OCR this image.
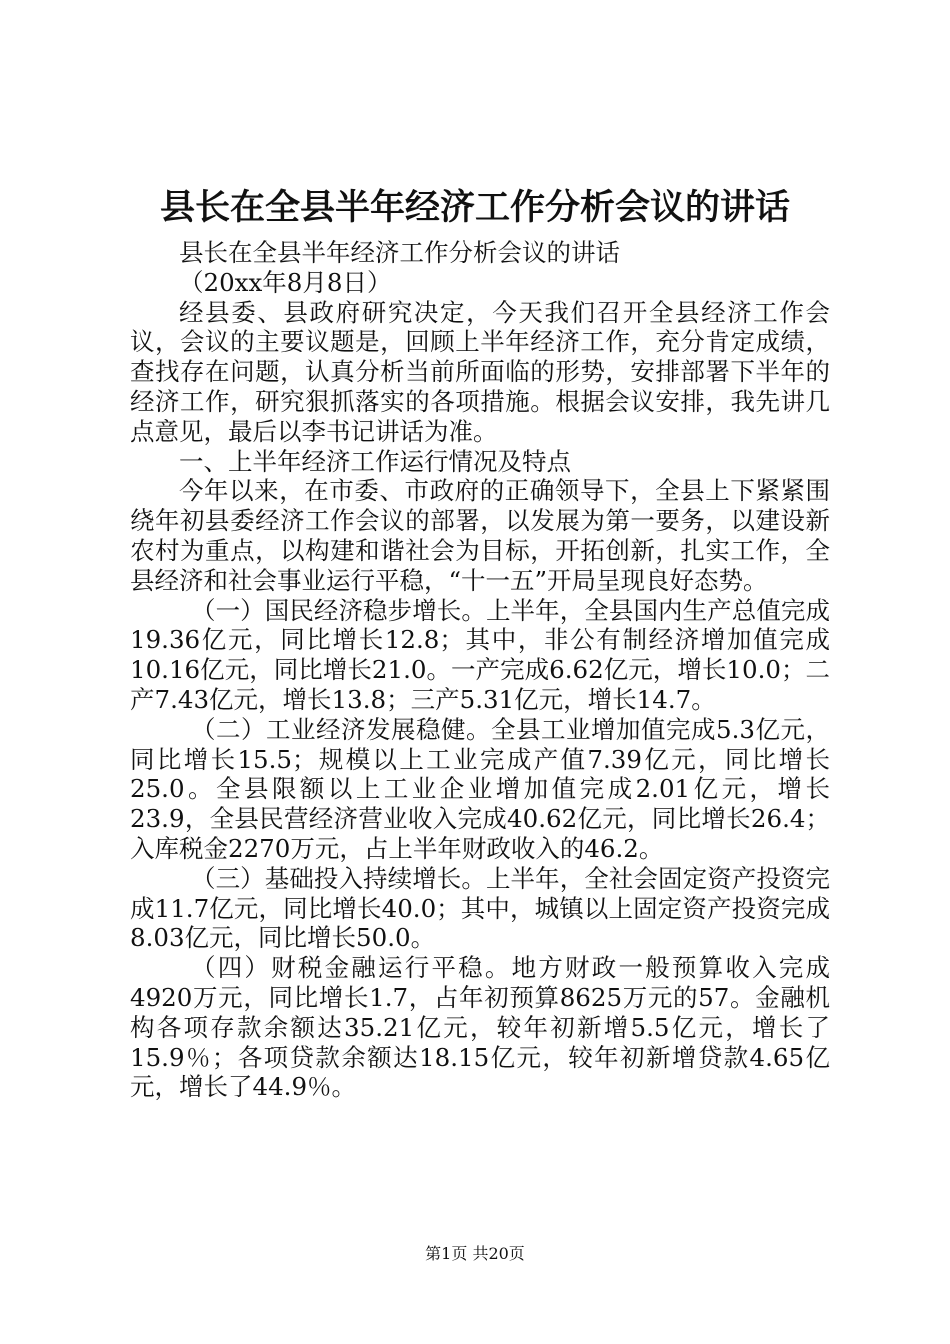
县长在全县半年经济工作分析会议的讲话

县长在全县半年经济工作分析会议的讲话

（20xx年8月8日）

经县委、县政府研究决定，今天我们召开全县经济工作会议，会议的主要议题是，回顾上半年经济工作，充分肯定成绩，查找存在问题，认真分析当前所面临的形势，安排部署下半年的经济工作，研究狠抓落实的各项措施。根据会议安排，我先讲几点意见，最后以李书记讲话为准。

一、上半年经济工作运行情况及特点

今年以来，在市委、市政府的正确领导下，全县上下紧紧围绕年初县委经济工作会议的部署，以发展为第一要务，以建设新农村为重点，以构建和谐社会为目标，开拓创新，扎实工作，全县经济和社会事业运行平稳，“十一五”开局呈现良好态势。

（一）国民经济稳步增长。上半年，全县国内生产总值完成19.36亿元，同比增长12.8；其中，非公有制经济增加值完成10.16亿元，同比增长21.0。一产完成6.62亿元，增长10.0；二产7.43亿元，增长13.8；三产5.31亿元，增长14.7。

（二）工业经济发展稳健。全县工业增加值完成5.3亿元，同比增长15.5；规模以上工业完成产值7.39亿元，同比增长25.0。全县限额以上工业企业增加值完成2.01亿元，增长23.9，全县民营经济营业收入完成40.62亿元，同比增长26.4；入库税金2270万元，占上半年财政收入的46.2。

（三）基础投入持续增长。上半年，全社会固定资产投资完成11.7亿元，同比增长40.0；其中，城镇以上固定资产投资完成8.03亿元，同比增长50.0。

（四）财税金融运行平稳。地方财政一般预算收入完成4920万元，同比增长1.7，占年初预算8625万元的57。金融机构各项存款余额达35.21亿元，较年初新增5.5亿元，增长了15.9％；各项贷款余额达18.15亿元，较年初新增贷款4.65亿元，增长了44.9％。

第1页 共20页
